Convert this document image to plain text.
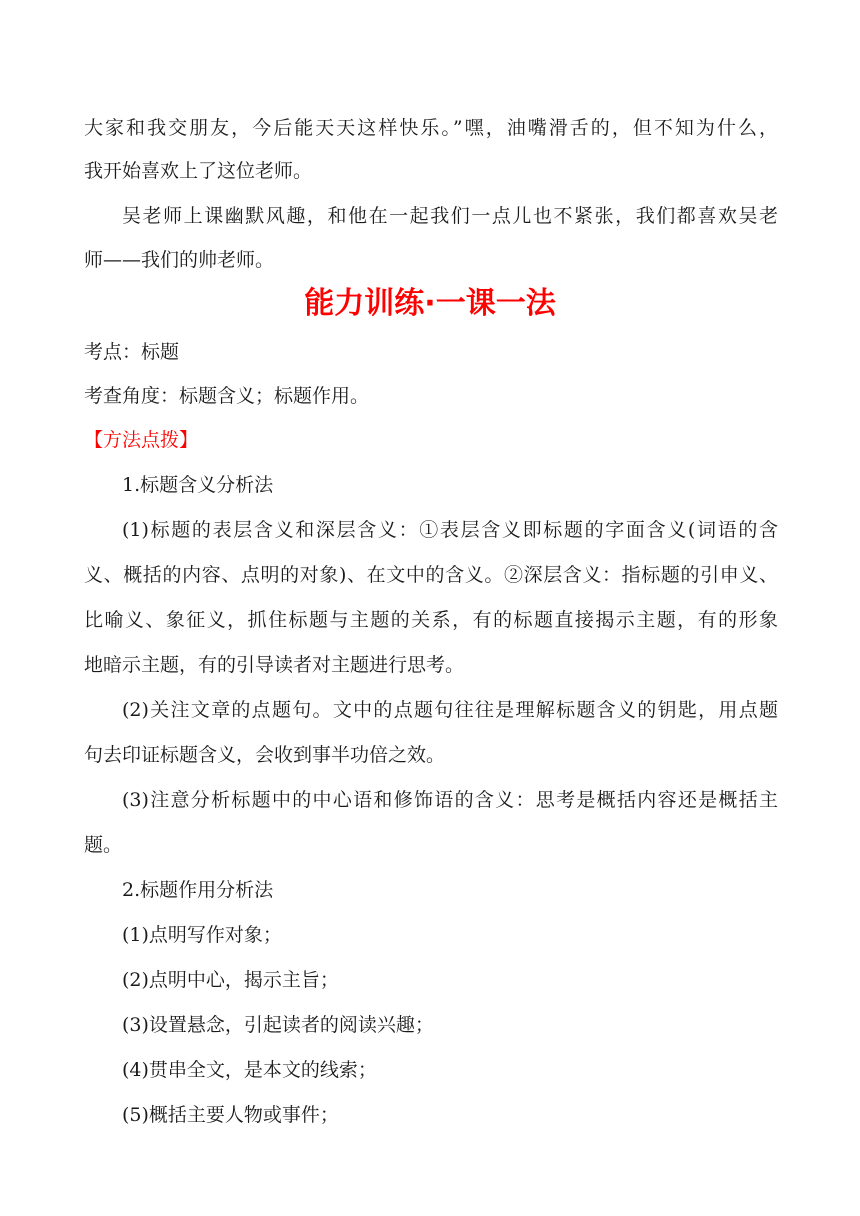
大家和我交朋友，今后能天天这样快乐。”嘿，油嘴滑舌的，但不知为什么，
我开始喜欢上了这位老师。
吴老师上课幽默风趣，和他在一起我们一点儿也不紧张，我们都喜欢吴老
师——我们的帅老师。
能力训练·一课一法
考点：标题
考查角度：标题含义；标题作用。
【方法点拨】
1.标题含义分析法
(1)标题的表层含义和深层含义：①表层含义即标题的字面含义(词语的含
义、概括的内容、点明的对象)、在文中的含义。②深层含义：指标题的引申义、
比喻义、象征义，抓住标题与主题的关系，有的标题直接揭示主题，有的形象
地暗示主题，有的引导读者对主题进行思考。
(2)关注文章的点题句。文中的点题句往往是理解标题含义的钥匙，用点题
句去印证标题含义，会收到事半功倍之效。
(3)注意分析标题中的中心语和修饰语的含义：思考是概括内容还是概括主
题。
2.标题作用分析法
(1)点明写作对象；
(2)点明中心，揭示主旨；
(3)设置悬念，引起读者的阅读兴趣；
(4)贯串全文，是本文的线索；
(5)概括主要人物或事件；
